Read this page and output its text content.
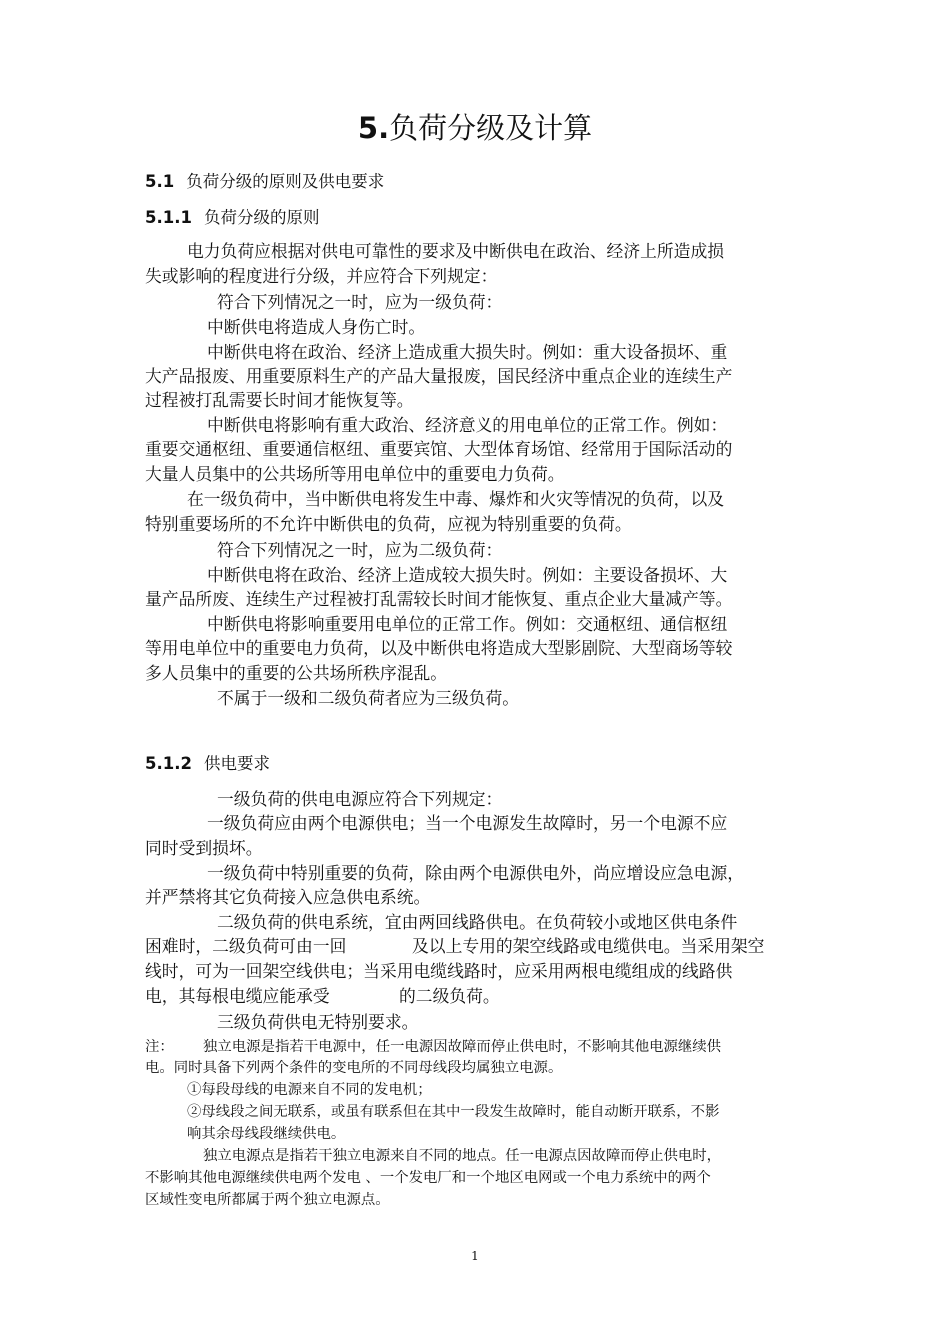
5.负荷分级及计算
5.1 负荷分级的原则及供电要求
5.1.1 负荷分级的原则
电力负荷应根据对供电可靠性的要求及中断供电在政治、经济上所造成损
失或影响的程度进行分级，并应符合下列规定：
符合下列情况之一时，应为一级负荷：
中断供电将造成人身伤亡时。
中断供电将在政治、经济上造成重大损失时。例如：重大设备损坏、重
大产品报废、用重要原料生产的产品大量报废，国民经济中重点企业的连续生产
过程被打乱需要长时间才能恢复等。
中断供电将影响有重大政治、经济意义的用电单位的正常工作。例如：
重要交通枢纽、重要通信枢纽、重要宾馆、大型体育场馆、经常用于国际活动的
大量人员集中的公共场所等用电单位中的重要电力负荷。
在一级负荷中，当中断供电将发生中毒、爆炸和火灾等情况的负荷，以及
特别重要场所的不允许中断供电的负荷，应视为特别重要的负荷。
符合下列情况之一时，应为二级负荷：
中断供电将在政治、经济上造成较大损失时。例如：主要设备损坏、大
量产品所废、连续生产过程被打乱需较长时间才能恢复、重点企业大量减产等。
中断供电将影响重要用电单位的正常工作。例如：交通枢纽、通信枢纽
等用电单位中的重要电力负荷，以及中断供电将造成大型影剧院、大型商场等较
多人员集中的重要的公共场所秩序混乱。
不属于一级和二级负荷者应为三级负荷。
5.1.2 供电要求
一级负荷的供电电源应符合下列规定：
一级负荷应由两个电源供电；当一个电源发生故障时，另一个电源不应
同时受到损坏。
一级负荷中特别重要的负荷，除由两个电源供电外，尚应增设应急电源，
并严禁将其它负荷接入应急供电系统。
二级负荷的供电系统，宜由两回线路供电。在负荷较小或地区供电条件
困难时，二级负荷可由一回	及以上专用的架空线路或电缆供电。当采用架空
线时，可为一回架空线供电；当采用电缆线路时，应采用两根电缆组成的线路供
电，其每根电缆应能承受	的二级负荷。
三级负荷供电无特别要求。
注： 独立电源是指若干电源中，任一电源因故障而停止供电时，不影响其他电源继续供
电。同时具备下列两个条件的变电所的不同母线段均属独立电源。
①每段母线的电源来自不同的发电机；
②母线段之间无联系，或虽有联系但在其中一段发生故障时，能自动断开联系，不影
响其余母线段继续供电。
独立电源点是指若干独立电源来自不同的地点。任一电源点因故障而停止供电时，
不影响其他电源继续供电两个发电 、一个发电厂和一个地区电网或一个电力系统中的两个
区域性变电所都属于两个独立电源点。
1
